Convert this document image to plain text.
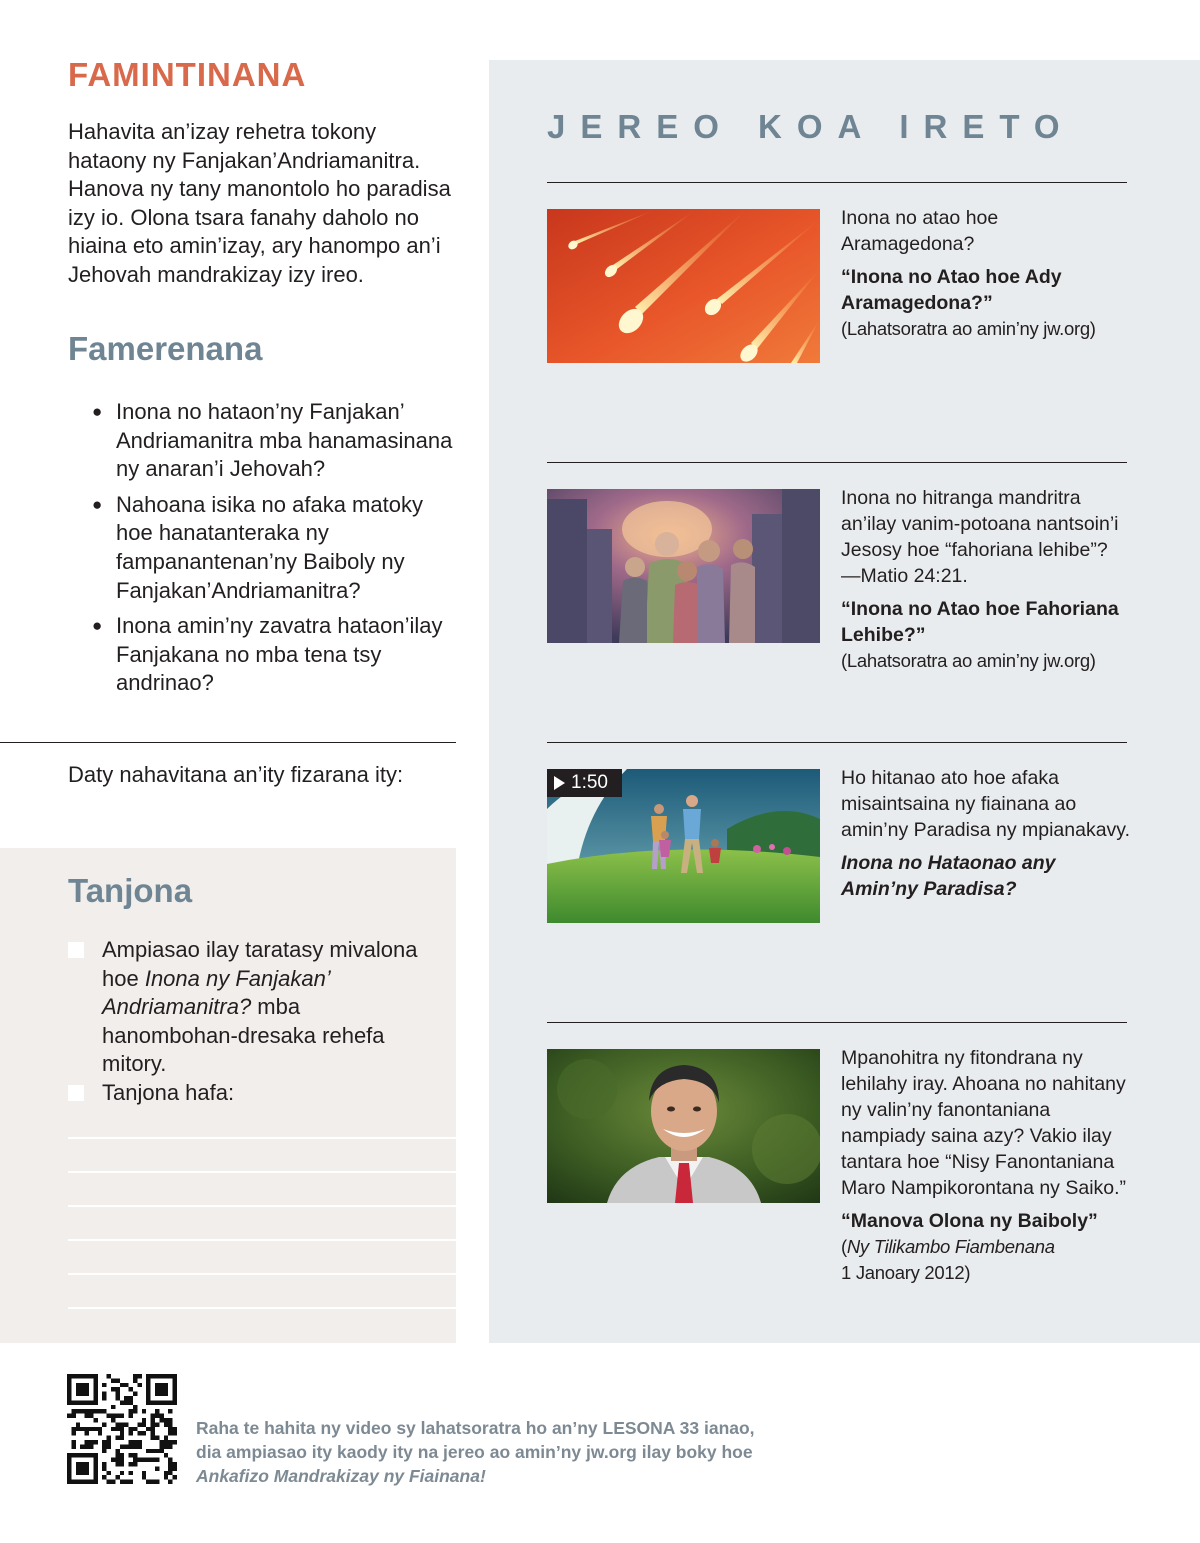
FAMINTINANA

Hahavita an’izay rehetra tokony hataony ny Fanjakan’Andriamanitra. Hanova ny tany manontolo ho paradisa izy io. Olona tsara fanahy daholo no hiaina eto amin’izay, ary hanompo an’i Jehovah mandrakizay izy ireo.

Famerenana
● Inona no hataon’ny Fanjakan’ Andriamanitra mba hanamasinana ny anaran’i Jehovah?
● Nahoana isika no afaka matoky hoe hanatanteraka ny fampanantenan’ny Baiboly ny Fanjakan’Andriamanitra?
● Inona amin’ny zavatra hataon’ilay Fanjakana no mba tena tsy andrinao?
Daty nahavitana an’ity fizarana ity:
Tanjona
Ampiasao ilay taratasy mivalona hoe Inona ny Fanjakan’ Andriamanitra? mba hanombohan-dresaka rehefa mitory.
Tanjona hafa:
JEREO KOA IRETO
Inona no atao hoe Aramagedona?
“Inona no Atao hoe Ady Aramagedona?”
(Lahatsoratra ao amin’ny jw.org)
Inona no hitranga mandritra an’ilay vanim-potoana nantsoin’i Jesosy hoe “fahoriana lehibe”? —Matio 24:21.
“Inona no Atao hoe Fahoriana Lehibe?”
(Lahatsoratra ao amin’ny jw.org)
1:50	Ho hitanao ato hoe afaka misaintsaina ny fiainana ao amin’ny Paradisa ny mpianakavy.
Inona no Hataonao any Amin’ny Paradisa?
Mpanohitra ny fitondrana ny lehilahy iray. Ahoana no nahitany ny valin’ny fanontaniana nampiady saina azy? Vakio ilay tantara hoe “Nisy Fanontaniana Maro Nampikorontana ny Saiko.”
“Manova Olona ny Baiboly”
(Ny Tilikambo Fiambenana
1 Janoary 2012)
Raha te hahita ny video sy lahatsoratra ho an’ny LESONA 33 ianao, dia ampiasao ity kaody ity na jereo ao amin’ny jw.org ilay boky hoe Ankafizo Mandrakizay ny Fiainana!
